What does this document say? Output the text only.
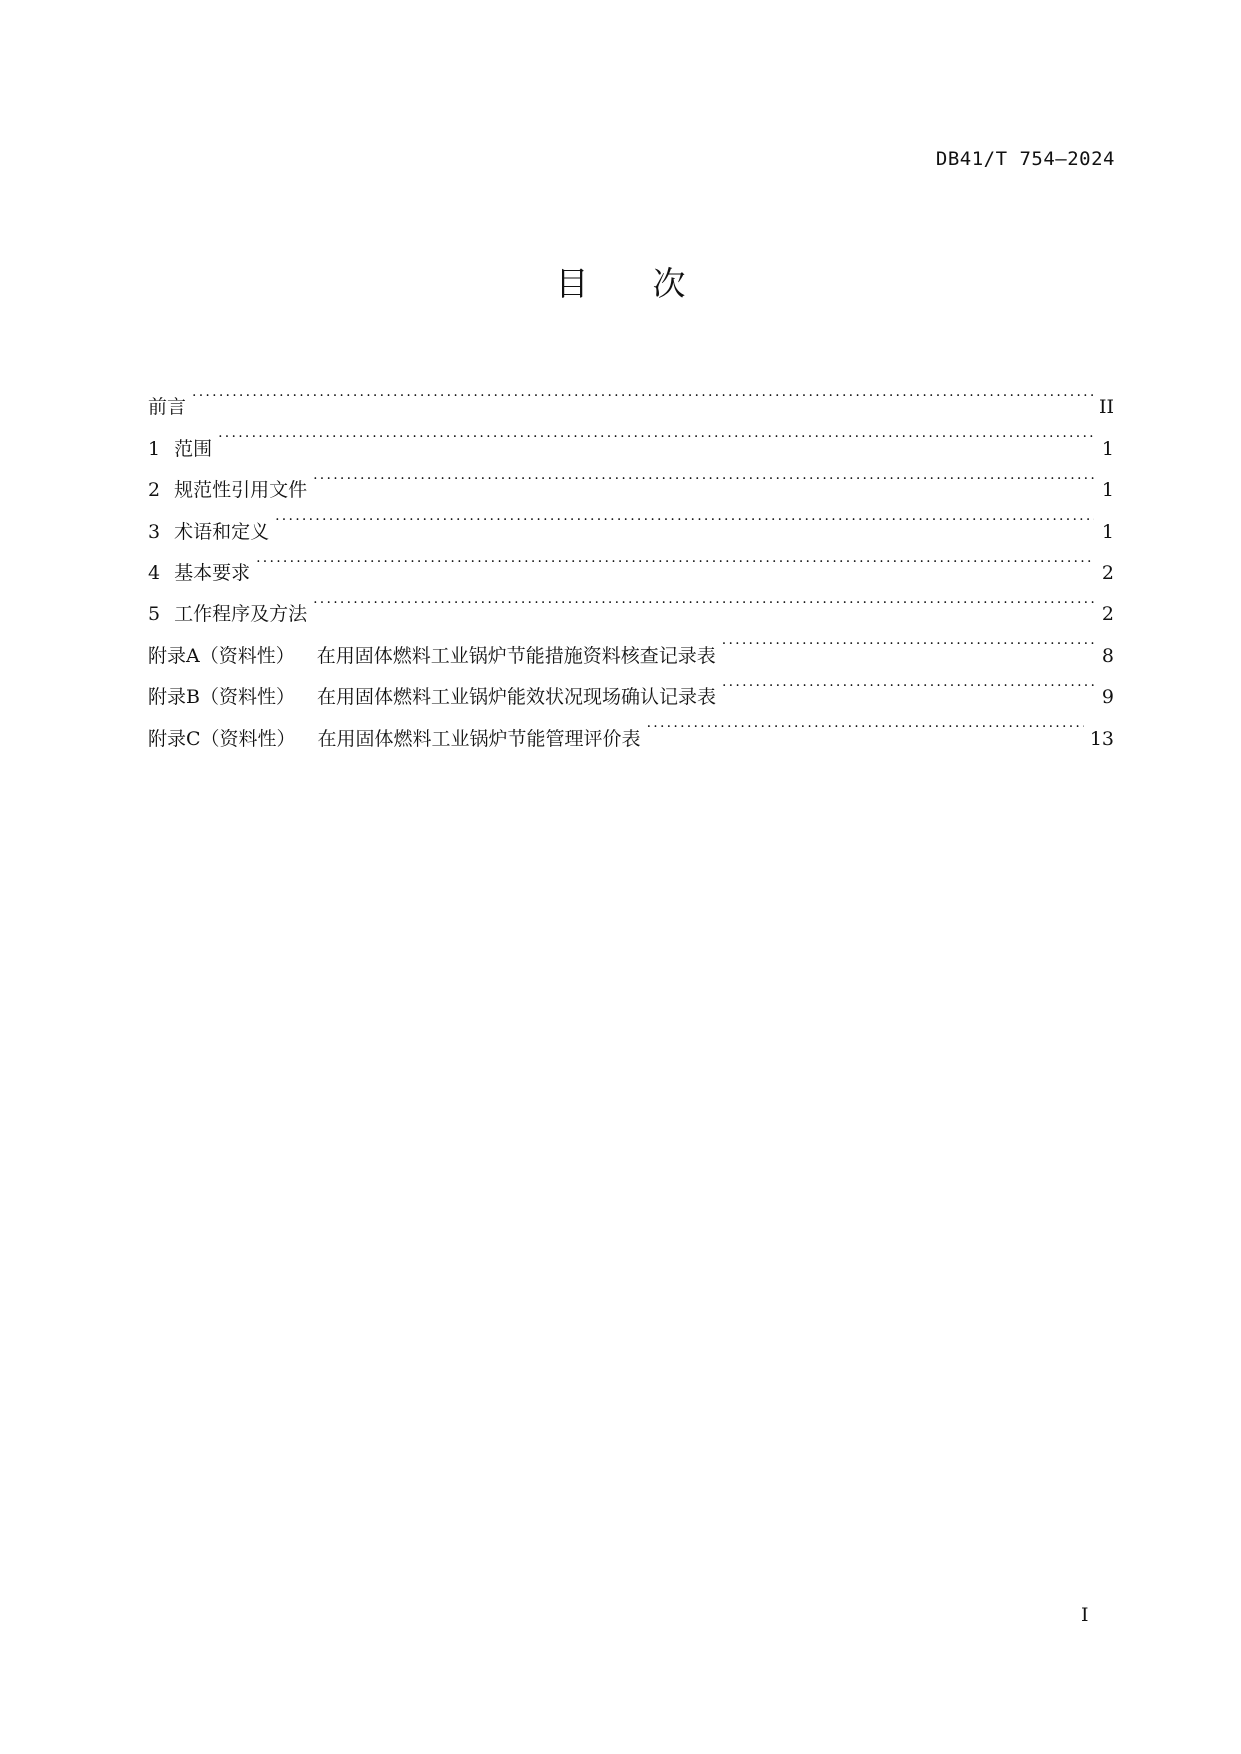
DB41/T 754—2024
目次
前言 . . .	II
1 范围 . . .	1
2 规范性引用文件 . . .	1
3 术语和定义 . . .	1
4 基本要求 . . .	2
5 工作程序及方法 . . .	2
附录A（资料性） 在用固体燃料工业锅炉节能措施资料核查记录表 . . .	8
附录B（资料性） 在用固体燃料工业锅炉能效状况现场确认记录表 . . .	9
附录C（资料性） 在用固体燃料工业锅炉节能管理评价表 . . .	13
I
